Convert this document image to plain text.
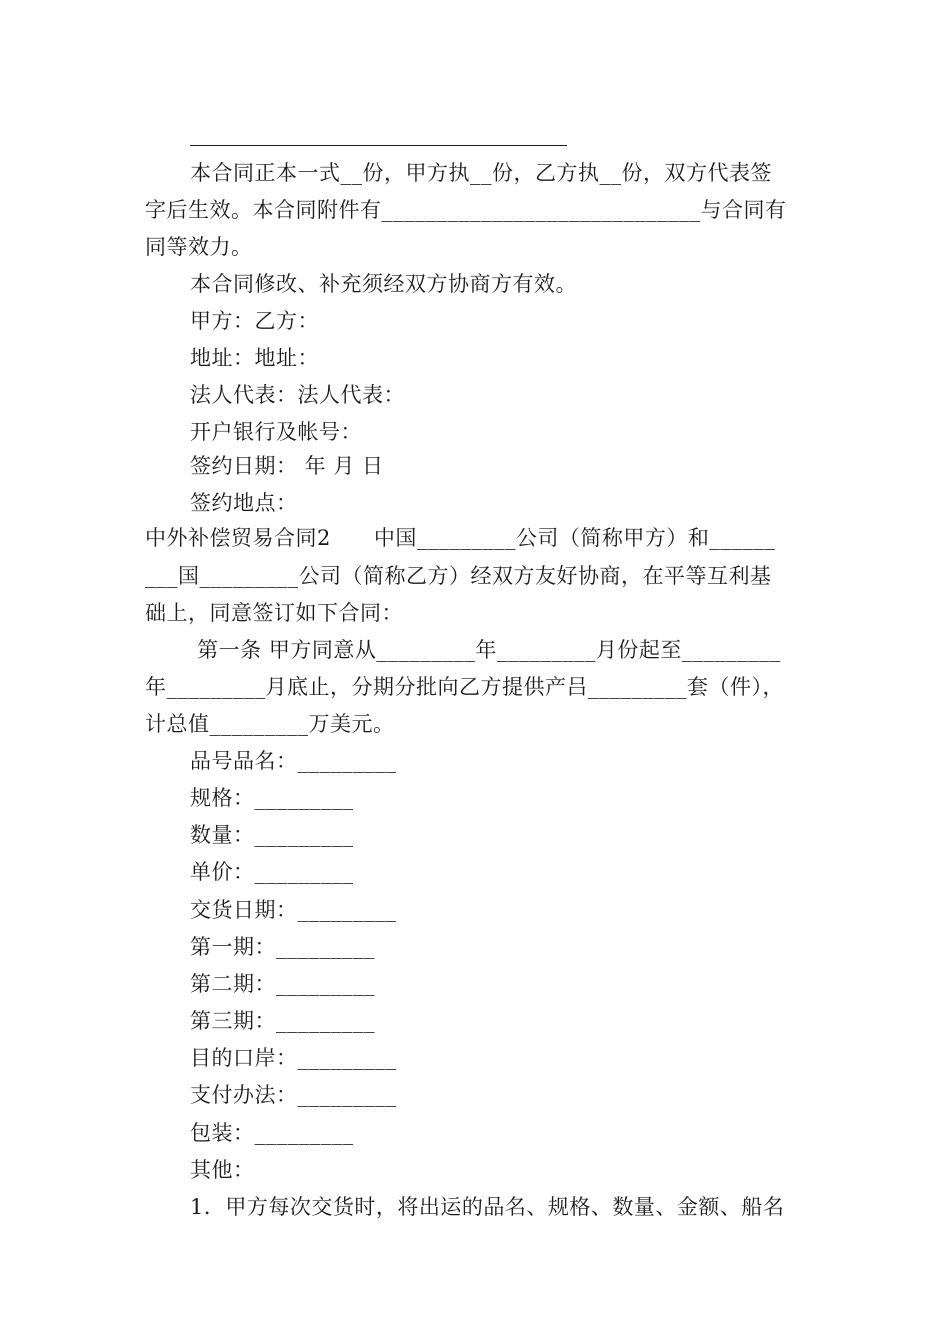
本合同正本一式__份，甲方执__份，乙方执__份，双方代表签
字后生效。本合同附件有_____________________________与合同有
同等效力。
本合同修改、补充须经双方协商方有效。
甲方：乙方：
地址：地址：
法人代表：法人代表：
开户银行及帐号：
签约日期： 年 月 日
签约地点：
中外补偿贸易合同2　　中国_________公司（简称甲方）和______
___国_________公司（简称乙方）经双方友好协商，在平等互利基
础上，同意签订如下合同：
第一条 甲方同意从_________年_________月份起至_________
年_________月底止，分期分批向乙方提供产吕_________套（件），
计总值_________万美元。
品号品名：_________
规格：_________
数量：_________
单价：_________
交货日期：_________
第一期：_________
第二期：_________
第三期：_________
目的口岸：_________
支付办法：_________
包装：_________
其他：
1．甲方每次交货时，将出运的品名、规格、数量、金额、船名
